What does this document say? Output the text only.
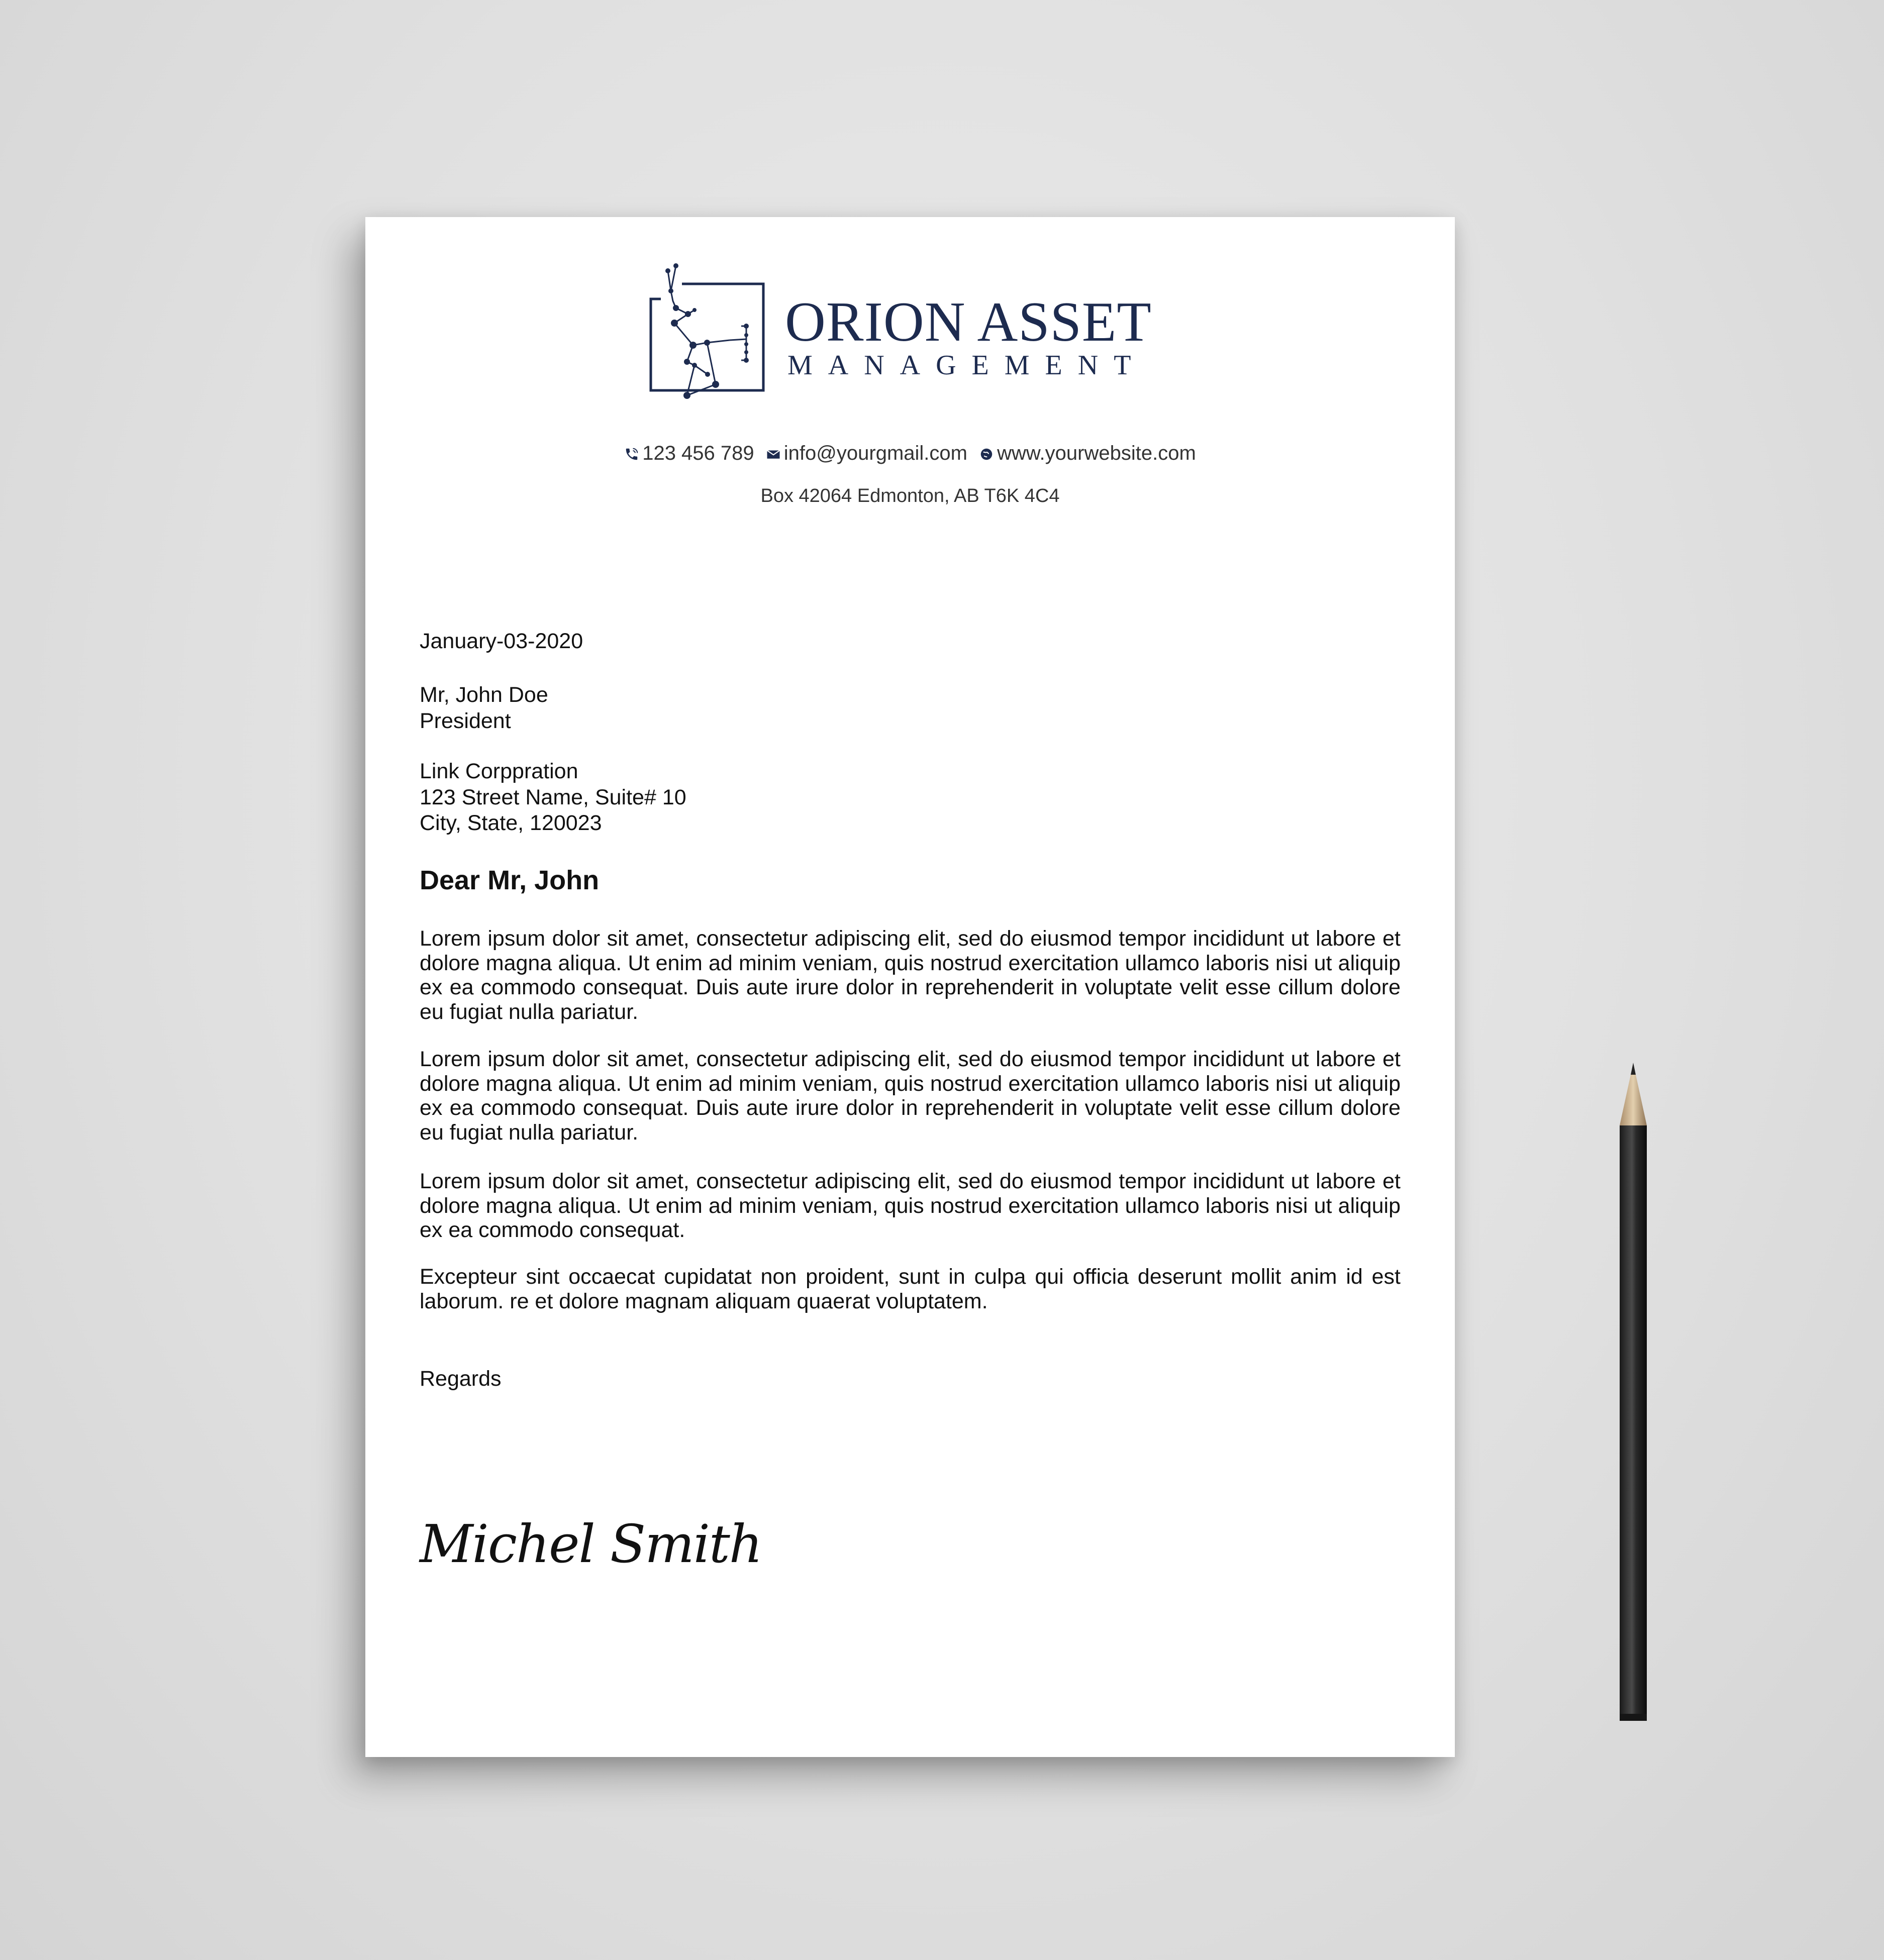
ORION ASSET
MANAGEMENT
123 456 789 info@yourgmail.com www.yourwebsite.com
Box 42064 Edmonton, AB T6K 4C4
January-03-2020
Mr, John Doe
President
Link Corppration
123 Street Name, Suite# 10
City, State, 120023
Dear Mr, John
Lorem ipsum dolor sit amet, consectetur adipiscing elit, sed do eiusmod tempor incididunt ut labore et dolore magna aliqua. Ut enim ad minim veniam, quis nostrud exercitation ullamco laboris nisi ut aliquip ex ea commodo consequat. Duis aute irure dolor in reprehenderit in voluptate velit esse cillum dolore eu fugiat nulla pariatur.
Lorem ipsum dolor sit amet, consectetur adipiscing elit, sed do eiusmod tempor incididunt ut labore et dolore magna aliqua. Ut enim ad minim veniam, quis nostrud exercitation ullamco laboris nisi ut aliquip ex ea commodo consequat. Duis aute irure dolor in reprehenderit in voluptate velit esse cillum dolore eu fugiat nulla pariatur.
Lorem ipsum dolor sit amet, consectetur adipiscing elit, sed do eiusmod tempor incididunt ut labore et dolore magna aliqua. Ut enim ad minim veniam, quis nostrud exercitation ullamco laboris nisi ut aliquip ex ea commodo consequat.
Excepteur sint occaecat cupidatat non proident, sunt in culpa qui officia deserunt mollit anim id est laborum. re et dolore magnam aliquam quaerat voluptatem.
Regards
Michel Smith
